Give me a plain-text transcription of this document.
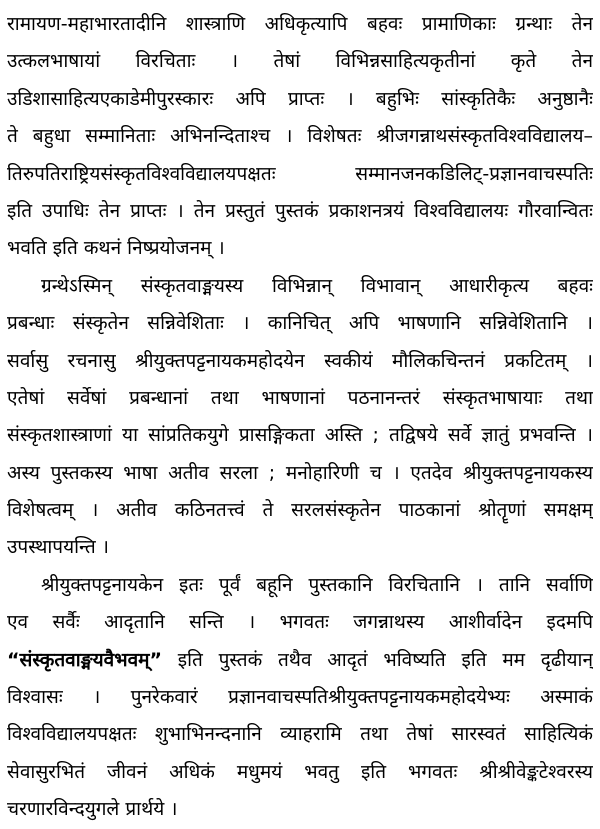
रामायण-महाभारतादीनि शास्त्राणि अधिकृत्यापि बहवः प्रामाणिकाः ग्रन्थाः तेन
उत्कलभाषायां विरचिताः । तेषां विभिन्नसाहित्यकृतीनां कृते तेन
उडिशासाहित्यएकाडेमीपुरस्कारः अपि प्राप्तः । बहुभिः सांस्कृतिकैः अनुष्ठानैः
ते बहुधा सम्मानिताः अभिनन्दिताश्च । विशेषतः श्रीजगन्नाथसंस्कृतविश्वविद्यालय–
तिरुपतिराष्ट्रियसंस्कृतविश्वविद्यालयपक्षतः सम्मानजनकडिलिट्-प्रज्ञानवाचस्पतिः
इति उपाधिः तेन प्राप्तः । तेन प्रस्तुतं पुस्तकं प्रकाशनत्रयं विश्वविद्यालयः गौरवान्वितः
भवति इति कथनं निष्प्रयोजनम् ।
ग्रन्थेऽस्मिन् संस्कृतवाङ्मयस्य विभिन्नान् विभावान् आधारीकृत्य बहवः
प्रबन्धाः संस्कृतेन सन्निवेशिताः । कानिचित् अपि भाषणानि सन्निवेशितानि ।
सर्वासु रचनासु श्रीयुक्तपट्टनायकमहोदयेन स्वकीयं मौलिकचिन्तनं प्रकटितम् ।
एतेषां सर्वेषां प्रबन्धानां तथा भाषणानां पठनानन्तरं संस्कृतभाषायाः तथा
संस्कृतशास्त्राणां या सांप्रतिकयुगे प्रासङ्गिकता अस्ति ; तद्विषये सर्वे ज्ञातुं प्रभवन्ति ।
अस्य पुस्तकस्य भाषा अतीव सरला ; मनोहारिणी च । एतदेव श्रीयुक्तपट्टनायकस्य
विशेषत्वम् । अतीव कठिनतत्त्वं ते सरलसंस्कृतेन पाठकानां श्रोतॄणां समक्षम्
उपस्थापयन्ति ।
श्रीयुक्तपट्टनायकेन इतः पूर्वं बहूनि पुस्तकानि विरचितानि । तानि सर्वाणि
एव सर्वैः आदृतानि सन्ति । भगवतः जगन्नाथस्य आशीर्वादेन इदमपि
“संस्कृतवाङ्मयवैभवम्” इति पुस्तकं तथैव आदृतं भविष्यति इति मम दृढीयान्
विश्वासः । पुनरेकवारं प्रज्ञानवाचस्पतिश्रीयुक्तपट्टनायकमहोदयेभ्यः अस्माकं
विश्वविद्यालयपक्षतः शुभाभिनन्दनानि व्याहरामि तथा तेषां सारस्वतं साहित्यिकं
सेवासुरभितं जीवनं अधिकं मधुमयं भवतु इति भगवतः श्रीश्रीवेङ्कटेश्वरस्य
चरणारविन्दयुगले प्रार्थये ।
